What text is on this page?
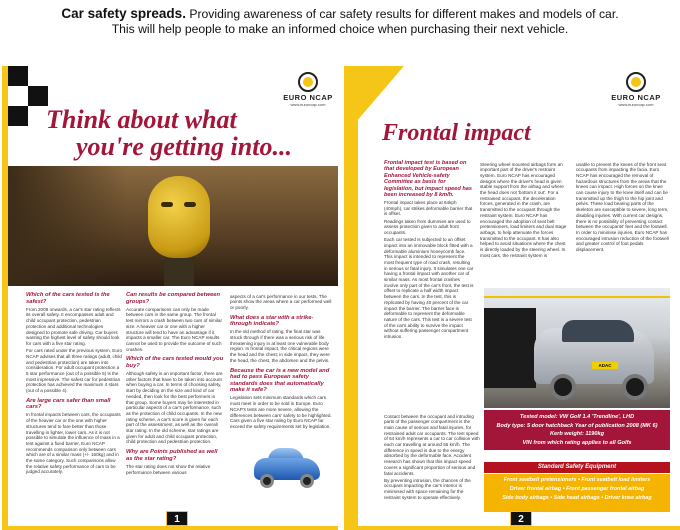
Car safety spreads. Providing awareness of car safety results for different makes and models of car.
This will help people to make an informed choice when purchasing their next vehicle.
EURO NCAP
www.euroncap.com
Think about what
you're getting into...
Which of the cars tested is the safest?

From 2009 onwards, a car's star rating reflects its overall safety. It encompasses adult and child occupant protection, pedestrian protection and additional technologies designed to promote safe driving. Car buyers wanting the highest level of safety should look for cars with a five star rating.

For cars rated under the previous system, Euro NCAP advises that all three ratings (adult, child and pedestrian protection) are taken into consideration. For adult occupant protection a 5 star performance (out of a possible 5) is the most impressive. The safest car for pedestrian protection has achieved the maximum 4 stars (out of a possible 4).

Are large cars safer than small cars?

In frontal impacts between cars, the occupants of the heavier car or the one with higher structures tend to fare better than those travelling in lighter, lower cars. As it is not possible to simulate the influence of mass in a test against a fixed barrier, Euro NCAP recommends comparison only between cars which are of a similar mass (+/- 150kg) and in the same category. Such comparisons allow the relative safety performance of cars to be judged accurately.

Can results be compared between groups?

Accurate comparisons can only be made between cars in the same group. The frontal test mirrors a crash between two cars of similar size. A heavier car or one with a higher structure will tend to have an advantage if it impacts a smaller car. The Euro NCAP results cannot be used to provide the outcome of such crashes.

Which of the cars tested would you buy?

Although safety is an important factor, there are other factors that have to be taken into account when buying a car. In terms of choosing safety, start by deciding on the size and kind of car needed, then look for the best performers in that group. Some buyers may be interested in particular aspects of a car's performance, such as the protection of child occupants. In the new rating scheme, a car's score is given for each part of the assessment, as well as the overall star rating. In the old scheme, star ratings are given for adult and child occupant protection, child protection and pedestrian protection.

Why are Points published as well as the star rating?

The star rating does not show the relative performance between various

aspects of a car's performance in our tests. The points show the areas where a car performed well or poorly.

What does a star with a strike-through indicate?

In the old method of rating, the final star was struck through if there was a serious risk of life threatening injury in at least one vulnerable body region. In frontal impact, the critical regions were the head and the chest; in side impact, they were the head, the chest, the abdomen and the pelvis.

Because the car is a new model and had to pass European safety standards does that automatically make it safe?

Legislation sets minimum standards which cars must meet in order to be sold in Europe. Euro NCAP's tests are more severe, allowing the differences between cars' safety to be highlighted. Cars given a five star rating by Euro NCAP far exceed the safety requirements set by legislation.

1
EURO NCAP
www.euroncap.com
Frontal impact
Frontal impact test is based on that developed by European Enhanced Vehicle-safety Committee as basis for legislation, but impact speed has been increased by 8 km/h.

Frontal impact takes place at 64kph (40mph), car strikes deformable barrier that is offset.

Readings taken from dummies are used to assess protection given to adult front occupants.

Each car tested is subjected to an offset impact into an immovable block fitted with a deformable aluminium honeycomb face. This impact is intended to represent the most frequent type of road crash, resulting in serious or fatal injury. It simulates one car having a frontal impact with another car of similar mass. As most frontal crashes involve only part of the car's front, the test is offset to replicate a half width impact between the cars. In the test, this is replicated by having 40 percent of the car impact the barrier. The barrier face is deformable to represent the deformable nature of the cars. This test is a severe test of the car's ability to survive the impact without suffering passenger compartment intrusion.

Steering wheel mounted airbags form an important part of the driver's restraint system. Euro NCAP has encouraged designs where the driver's head is given stable support from the airbag and where the head does not 'bottom it out'. For a restrained occupant, the deceleration forces, generated in the crash, are transmitted to the occupant through the restraint system. Euro NCAP has encouraged the adoption of seat belt pretensioners, load limiters and dual stage airbags, to help attenuate the forces transmitted to the occupant. It has also helped to avoid situations where the chest is directly loaded by the steering wheel. In most cars, the restraint system is

unable to prevent the knees of the front seat occupants from impacting the facia. Euro NCAP has encouraged the removal of hazardous structures from the areas that the knees can impact. High forces on the knee can cause injury to the knee itself and can be transmitted up the thigh to the hip joint and pelvis. These load bearing parts of the skeleton are susceptible to severe, long term, disabling injuries. With current car designs, there is no possibility of preventing contact between the occupants' feet and the footwell. In order to minimise injuries, Euro NCAP has encouraged intrusion reduction of the footwell and greater control of foot pedals displacement.

ADAC

Contact between the occupant and intruding parts of the passenger compartment is the main cause of serious and fatal injuries, for restrained adult car occupants. The test speed of 64 km/h represents a car to car collision with each car travelling at around 55 km/h. The difference in speed is due to the energy absorbed by the deformable face. Accident research has shown that this impact speed covers a significant proportion of serious and fatal accidents.

By preventing intrusion, the chances of the occupant impacting the car's interior is minimised with space remaining for the restraint system to operate effectively.

Tested model: VW Golf 1.4 'Trendline', LHD
Body type: 5 door hatchback Year of publication 2008 (MK 6)
Kerb weight: 1190kg
VIN from which rating applies to all Golfs
Standard Safety Equipment
Front seatbelt pretensioners • Front seatbelt load limiters
Driver frontal airbag • Front passenger frontal airbag
Side body airbags • Side head airbags • Driver knee airbag
2
